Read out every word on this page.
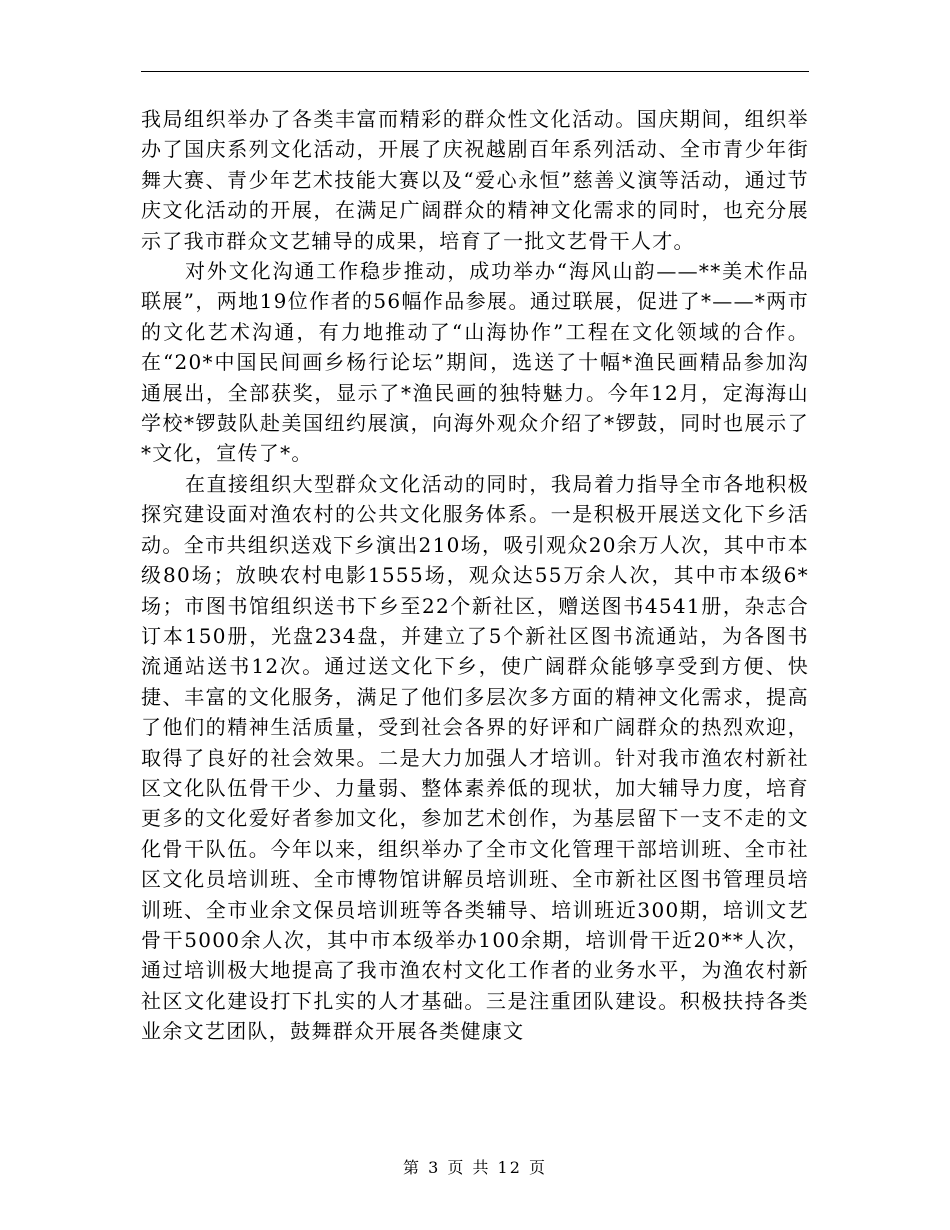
我局组织举办了各类丰富而精彩的群众性文化活动。国庆期间，组织举办了国庆系列文化活动，开展了庆祝越剧百年系列活动、全市青少年街舞大赛、青少年艺术技能大赛以及“爱心永恒”慈善义演等活动，通过节庆文化活动的开展，在满足广阔群众的精神文化需求的同时，也充分展示了我市群众文艺辅导的成果，培育了一批文艺骨干人才。

对外文化沟通工作稳步推动，成功举办“海风山韵——**美术作品联展”，两地19位作者的56幅作品参展。通过联展，促进了*——*两市的文化艺术沟通，有力地推动了“山海协作”工程在文化领域的合作。在“20*中国民间画乡杨行论坛”期间，选送了十幅*渔民画精品参加沟通展出，全部获奖，显示了*渔民画的独特魅力。今年12月，定海海山学校*锣鼓队赴美国纽约展演，向海外观众介绍了*锣鼓，同时也展示了*文化，宣传了*。

在直接组织大型群众文化活动的同时，我局着力指导全市各地积极探究建设面对渔农村的公共文化服务体系。一是积极开展送文化下乡活动。全市共组织送戏下乡演出210场，吸引观众20余万人次，其中市本级80场；放映农村电影1555场，观众达55万余人次，其中市本级6*场；市图书馆组织送书下乡至22个新社区，赠送图书4541册，杂志合订本150册，光盘234盘，并建立了5个新社区图书流通站，为各图书流通站送书12次。通过送文化下乡，使广阔群众能够享受到方便、快捷、丰富的文化服务，满足了他们多层次多方面的精神文化需求，提高了他们的精神生活质量，受到社会各界的好评和广阔群众的热烈欢迎，取得了良好的社会效果。二是大力加强人才培训。针对我市渔农村新社区文化队伍骨干少、力量弱、整体素养低的现状，加大辅导力度，培育更多的文化爱好者参加文化，参加艺术创作，为基层留下一支不走的文化骨干队伍。今年以来，组织举办了全市文化管理干部培训班、全市社区文化员培训班、全市博物馆讲解员培训班、全市新社区图书管理员培训班、全市业余文保员培训班等各类辅导、培训班近300期，培训文艺骨干5000余人次，其中市本级举办100余期，培训骨干近20**人次，通过培训极大地提高了我市渔农村文化工作者的业务水平，为渔农村新社区文化建设打下扎实的人才基础。三是注重团队建设。积极扶持各类业余文艺团队，鼓舞群众开展各类健康文

第 3 页 共 12 页
